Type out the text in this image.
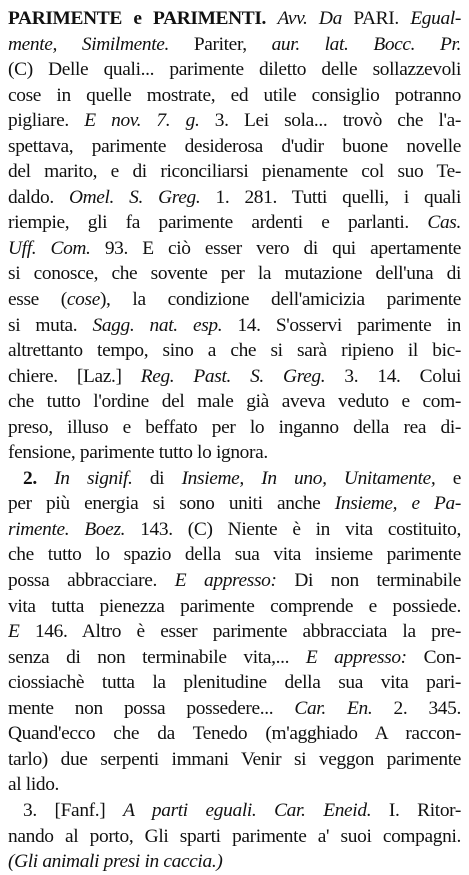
PARIMENTE e PARIMENTI. Avv. Da PARI. Egual-
mente, Similmente. Pariter, aur. lat. Bocc. Pr.
(C) Delle quali... parimente diletto delle sollazzevoli
cose in quelle mostrate, ed utile consiglio potranno
pigliare. E nov. 7. g. 3. Lei sola... trovò che l'a-
spettava, parimente desiderosa d'udir buone novelle
del marito, e di riconciliarsi pienamente col suo Te-
daldo. Omel. S. Greg. 1. 281. Tutti quelli, i quali
riempie, gli fa parimente ardenti e parlanti. Cas.
Uff. Com. 93. E ciò esser vero di qui apertamente
si conosce, che sovente per la mutazione dell'una di
esse (cose), la condizione dell'amicizia parimente
si muta. Sagg. nat. esp. 14. S'osservi parimente in
altrettanto tempo, sino a che si sarà ripieno il bic-
chiere. [Laz.] Reg. Past. S. Greg. 3. 14. Colui
che tutto l'ordine del male già aveva veduto e com-
preso, illuso e beffato per lo inganno della rea di-
fensione, parimente tutto lo ignora.
2. In signif. di Insieme, In uno, Unitamente, e
per più energia si sono uniti anche Insieme, e Pa-
rimente. Boez. 143. (C) Niente è in vita costituito,
che tutto lo spazio della sua vita insieme parimente
possa abbracciare. E appresso: Di non terminabile
vita tutta pienezza parimente comprende e possiede.
E 146. Altro è esser parimente abbracciata la pre-
senza di non terminabile vita,... E appresso: Con-
ciossiachè tutta la plenitudine della sua vita pari-
mente non possa possedere... Car. En. 2. 345.
Quand'ecco che da Tenedo (m'agghiado A raccon-
tarlo) due serpenti immani Venir si veggon parimente
al lido.
3. [Fanf.] A parti eguali. Car. Eneid. I. Ritor-
nando al porto, Gli sparti parimente a' suoi compagni.
(Gli animali presi in caccia.)
